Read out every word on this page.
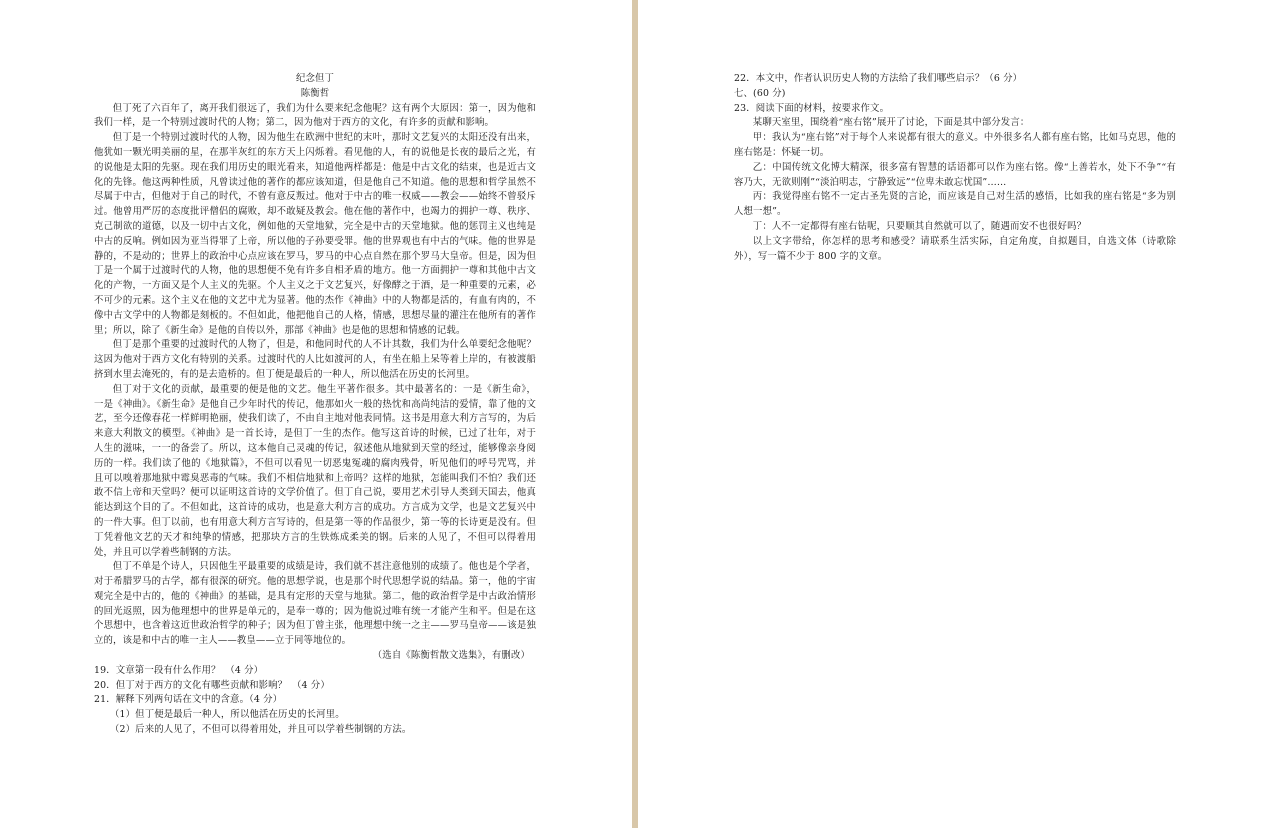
纪念但丁

陈衡哲

但丁死了六百年了，离开我们很远了，我们为什么要来纪念他呢？这有两个大原因：第一，因为他和我们一样，是一个特别过渡时代的人物；第二，因为他对于西方的文化，有许多的贡献和影响。

但丁是一个特别过渡时代的人物，因为他生在欧洲中世纪的末叶，那时文艺复兴的太阳还没有出来，他犹如一颗光明美丽的星，在那半灰红的东方天上闪烁着。看见他的人，有的说他是长夜的最后之光，有的说他是太阳的先驱。现在我们用历史的眼光看来，知道他两样都是：他是中古文化的结束，也是近古文化的先锋。他这两种性质，凡曾读过他的著作的都应该知道，但是他自己不知道。他的思想和哲学虽然不尽属于中古，但他对于自己的时代，不曾有意反叛过。他对于中古的唯一权威——教会——始终不曾驳斥过。他曾用严厉的态度批评僧侣的腐败，却不敢疑及教会。他在他的著作中，也竭力的拥护一尊、秩序、克己制欲的道德，以及一切中古文化，例如他的天堂地狱，完全是中古的天堂地狱。他的惩罚主义也纯是中古的反响。例如因为亚当得罪了上帝，所以他的子孙要受罪。他的世界观也有中古的气味。他的世界是静的，不是动的；世界上的政治中心点应该在罗马，罗马的中心点自然在那个罗马大皇帝。但是，因为但丁是一个属于过渡时代的人物，他的思想便不免有许多自相矛盾的地方。他一方面拥护一尊和其他中古文化的产物，一方面又是个人主义的先驱。个人主义之于文艺复兴，好像酵之于酒，是一种重要的元素，必不可少的元素。这个主义在他的文艺中尤为显著。他的杰作《神曲》中的人物都是活的，有血有肉的，不像中古文学中的人物都是刻板的。不但如此，他把他自己的人格，情感，思想尽量的灌注在他所有的著作里；所以，除了《新生命》是他的自传以外，那部《神曲》也是他的思想和情感的记载。

但丁是那个重要的过渡时代的人物了，但是，和他同时代的人不计其数，我们为什么单要纪念他呢？这因为他对于西方文化有特别的关系。过渡时代的人比如渡河的人，有坐在船上呆等着上岸的，有被渡船挤到水里去淹死的，有的是去造桥的。但丁便是最后的一种人，所以他活在历史的长河里。

但丁对于文化的贡献，最重要的便是他的文艺。他生平著作很多。其中最著名的：一是《新生命》，一是《神曲》。《新生命》是他自己少年时代的传记，他那如火一般的热忱和高尚纯洁的爱情，靠了他的文艺，至今还像春花一样鲜明艳丽，使我们读了，不由自主地对他表同情。这书是用意大利方言写的，为后来意大利散文的模型。《神曲》是一首长诗，是但丁一生的杰作。他写这首诗的时候，已过了壮年，对于人生的滋味，一一的备尝了。所以，这本他自己灵魂的传记，叙述他从地狱到天堂的经过，能够像亲身阅历的一样。我们读了他的《地狱篇》，不但可以看见一切恶鬼冤魂的腐肉残骨，听见他们的呼号咒骂，并且可以嗅着那地狱中霉臭恶毒的气味。我们不相信地狱和上帝吗？这样的地狱，怎能叫我们不怕？我们还敢不信上帝和天堂吗？便可以证明这首诗的文学价值了。但丁自己说，要用艺术引导人类到天国去，他真能达到这个目的了。不但如此，这首诗的成功，也是意大利方言的成功。方言成为文学，也是文艺复兴中的一件大事。但丁以前，也有用意大利方言写诗的，但是第一等的作品很少，第一等的长诗更是没有。但丁凭着他文艺的天才和纯挚的情感，把那块方言的生铁炼成柔美的钢。后来的人见了，不但可以得着用处，并且可以学着些制钢的方法。

但丁不单是个诗人，只因他生平最重要的成绩是诗，我们就不甚注意他别的成绩了。他也是个学者，对于希腊罗马的古学，都有很深的研究。他的思想学说，也是那个时代思想学说的结晶。第一，他的宇宙观完全是中古的，他的《神曲》的基础，是具有定形的天堂与地狱。第二，他的政治哲学是中古政治情形的回光返照，因为他理想中的世界是单元的，是奉一尊的；因为他说过唯有统一才能产生和平。但是在这个思想中，也含着这近世政治哲学的种子；因为但丁曾主张，他理想中统一之主——罗马皇帝——该是独立的，该是和中古的唯一主人——教皇——立于同等地位的。

（选自《陈衡哲散文选集》，有删改）

19．文章第一段有什么作用？　（4 分）

20．但丁对于西方的文化有哪些贡献和影响？　（4 分）

21．解释下列两句话在文中的含意。（4 分）

（1）但丁便是最后一种人，所以他活在历史的长河里。

（2）后来的人见了，不但可以得着用处，并且可以学着些制钢的方法。

22．本文中，作者认识历史人物的方法给了我们哪些启示？（6 分）

七、(60 分)

23．阅读下面的材料，按要求作文。

某聊天室里，围绕着“座右铭”展开了讨论，下面是其中部分发言：

甲：我认为“座右铭”对于每个人来说都有很大的意义。中外很多名人都有座右铭，比如马克思，他的座右铭是：怀疑一切。

乙：中国传统文化博大精深，很多富有智慧的话语都可以作为座右铭。像“上善若水，处下不争”“有容乃大，无欲则刚”“淡泊明志，宁静致远”“位卑未敢忘忧国”……

丙：我觉得座右铭不一定古圣先贤的言论，而应该是自己对生活的感悟，比如我的座右铭是“多为别人想一想”。

丁：人不一定都得有座右钻呢，只要顺其自然就可以了，随遇而安不也很好吗？

以上文字带给，你怎样的思考和感受？请联系生活实际，自定角度，自拟题目，自选文体（诗歌除外），写一篇不少于 800 字的文章。
